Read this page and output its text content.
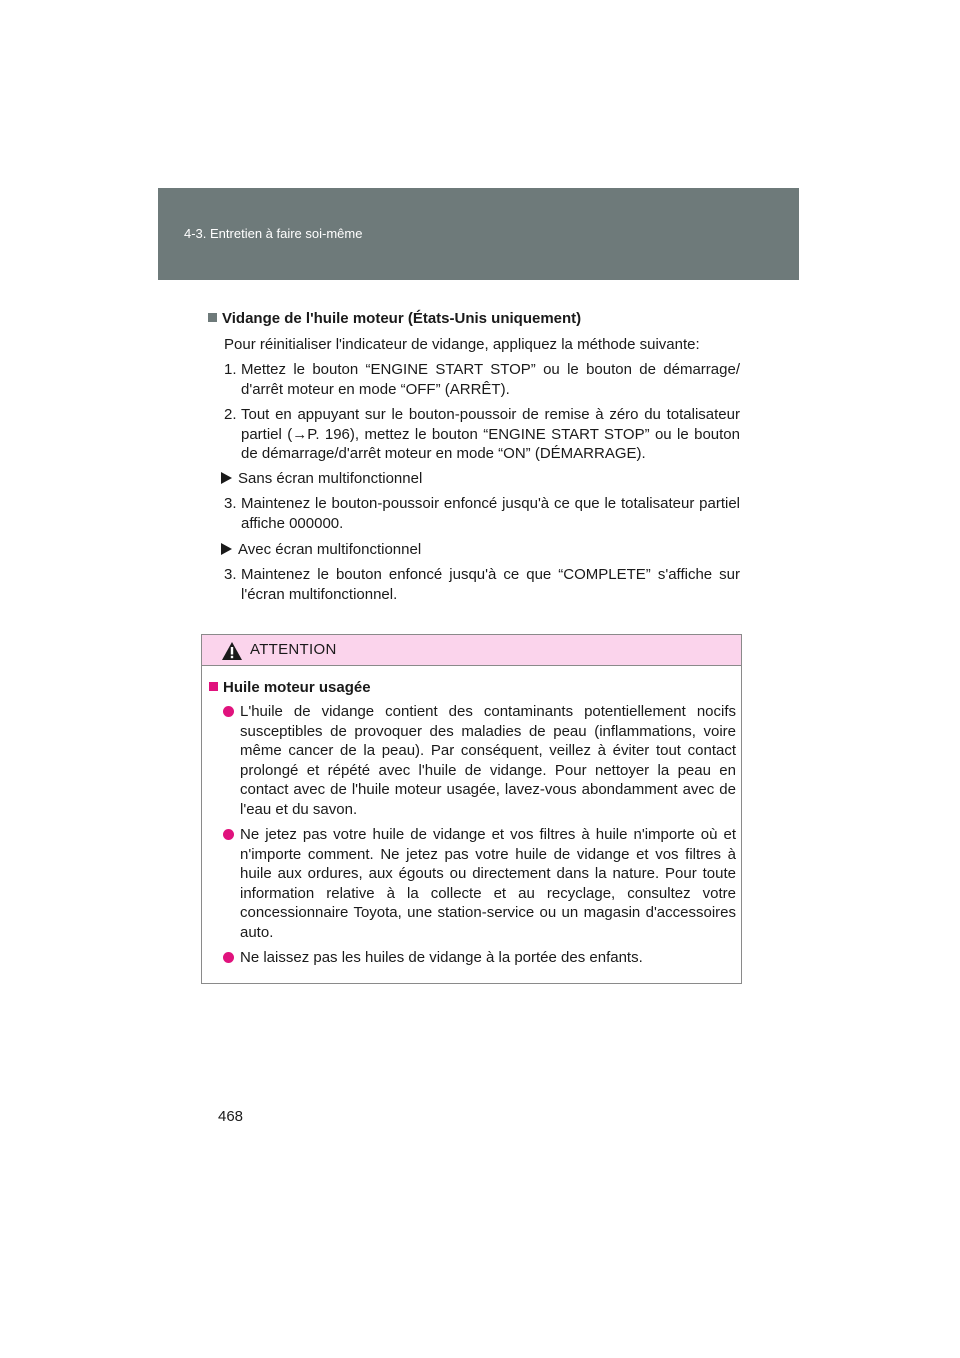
4-3. Entretien à faire soi-même
Vidange de l'huile moteur (États-Unis uniquement)
Pour réinitialiser l'indicateur de vidange, appliquez la méthode suivante:
1. Mettez le bouton “ENGINE START STOP” ou le bouton de démarrage/ d'arrêt moteur en mode “OFF” (ARRÊT).
2. Tout en appuyant sur le bouton-poussoir de remise à zéro du totalisateur partiel (→P. 196), mettez le bouton “ENGINE START STOP” ou le bouton de démarrage/d'arrêt moteur en mode “ON” (DÉMARRAGE).
Sans écran multifonctionnel
3. Maintenez le bouton-poussoir enfoncé jusqu'à ce que le totalisateur partiel affiche 000000.
Avec écran multifonctionnel
3. Maintenez le bouton enfoncé jusqu'à ce que “COMPLETE” s'affiche sur l'écran multifonctionnel.
ATTENTION
Huile moteur usagée
L'huile de vidange contient des contaminants potentiellement nocifs susceptibles de provoquer des maladies de peau (inflammations, voire même cancer de la peau). Par conséquent, veillez à éviter tout contact prolongé et répété avec l'huile de vidange. Pour nettoyer la peau en contact avec de l'huile moteur usagée, lavez-vous abondamment avec de l'eau et du savon.
Ne jetez pas votre huile de vidange et vos filtres à huile n'importe où et n'importe comment. Ne jetez pas votre huile de vidange et vos filtres à huile aux ordures, aux égouts ou directement dans la nature. Pour toute information relative à la collecte et au recyclage, consultez votre concessionnaire Toyota, une station-service ou un magasin d'accessoires auto.
Ne laissez pas les huiles de vidange à la portée des enfants.
468
